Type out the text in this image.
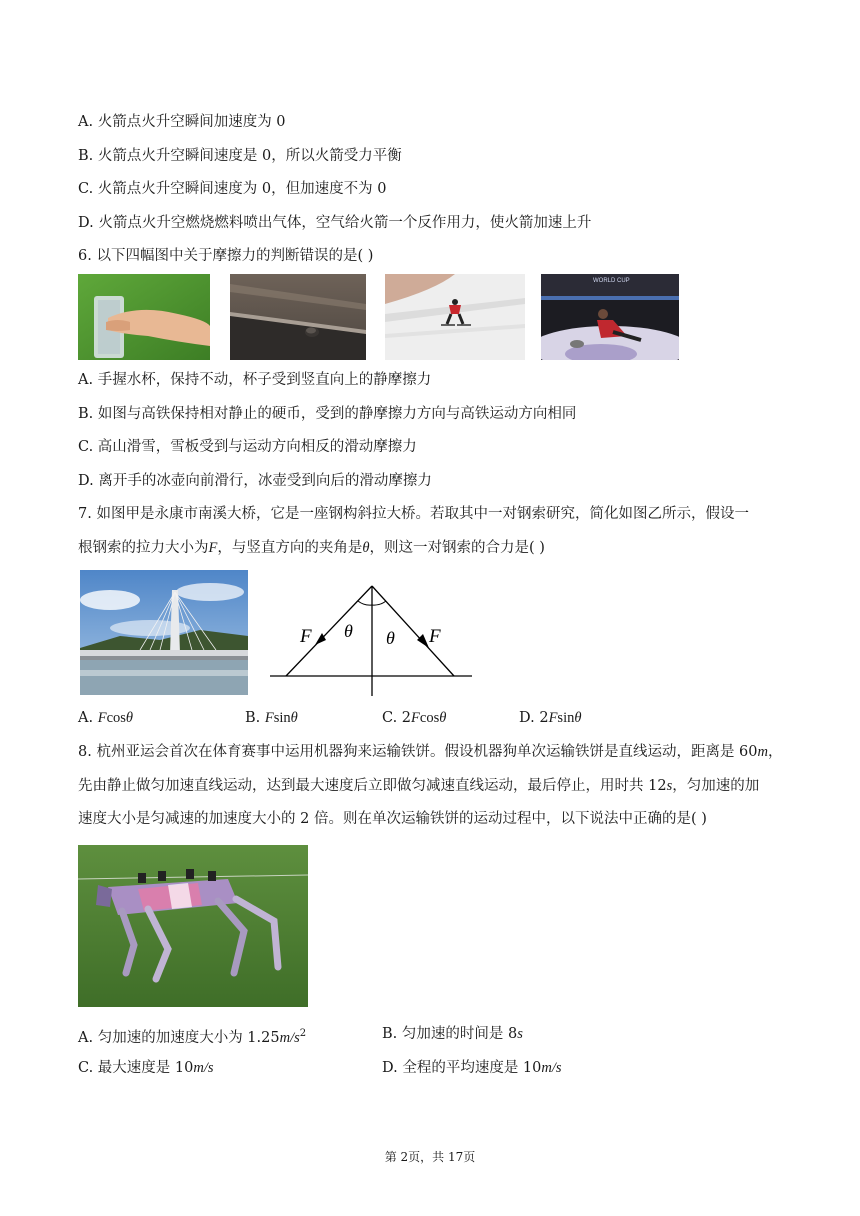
A. 火箭点火升空瞬间加速度为 0
B. 火箭点火升空瞬间速度是 0，所以火箭受力平衡
C. 火箭点火升空瞬间速度为 0，但加速度不为 0
D. 火箭点火升空燃烧燃料喷出气体，空气给火箭一个反作用力，使火箭加速上升
6. 以下四幅图中关于摩擦力的判断错误的是( )
WORLD CUP
A. 手握水杯，保持不动，杯子受到竖直向上的静摩擦力
B. 如图与高铁保持相对静止的硬币，受到的静摩擦力方向与高铁运动方向相同
C. 高山滑雪，雪板受到与运动方向相反的滑动摩擦力
D. 离开手的冰壶向前滑行，冰壶受到向后的滑动摩擦力
7. 如图甲是永康市南溪大桥，它是一座钢构斜拉大桥。若取其中一对钢索研究，简化如图乙所示，假设一
根钢索的拉力大小为F，与竖直方向的夹角是θ，则这一对钢索的合力是( )
F	F
θ θ
A. Fcosθ	B. Fsinθ	C. 2Fcosθ	D. 2Fsinθ
8. 杭州亚运会首次在体育赛事中运用机器狗来运输铁饼。假设机器狗单次运输铁饼是直线运动，距离是 60m，
先由静止做匀加速直线运动，达到最大速度后立即做匀减速直线运动，最后停止，用时共 12s，匀加速的加
速度大小是匀减速的加速度大小的 2 倍。则在单次运输铁饼的运动过程中，以下说法中正确的是( )
A. 匀加速的加速度大小为 $1.25m/s^2$	B. 匀加速的时间是 8s
C. 最大速度是 10m/s	D. 全程的平均速度是 10m/s
第 2页，共 17页
